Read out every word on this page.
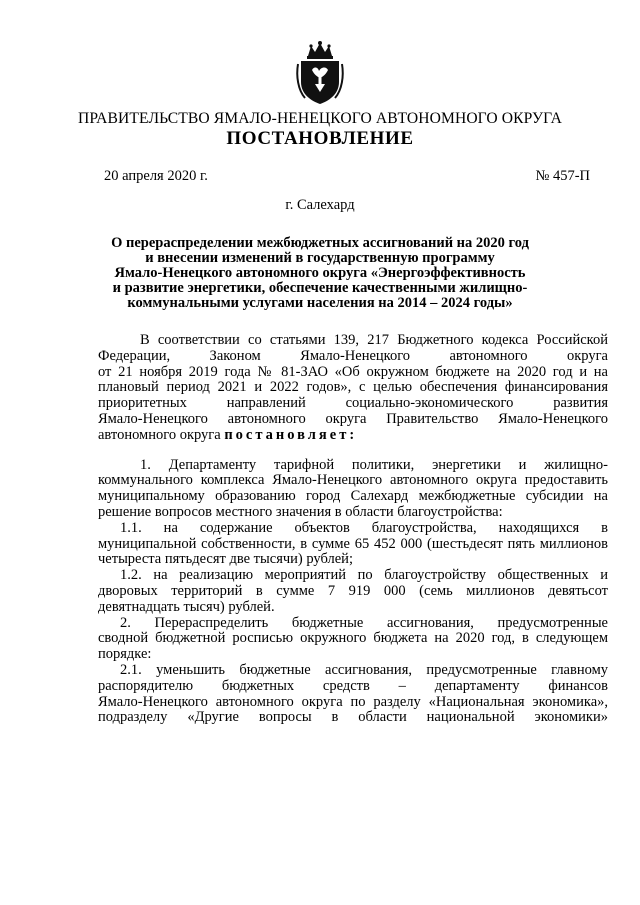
ПРАВИТЕЛЬСТВО ЯМАЛО-НЕНЕЦКОГО АВТОНОМНОГО ОКРУГА
ПОСТАНОВЛЕНИЕ
20 апреля 2020 г.	№ 457-П
г. Салехард
О перераспределении межбюджетных ассигнований на 2020 год
и внесении изменений в государственную программу
Ямало-Ненецкого автономного округа «Энергоэффективность
и развитие энергетики, обеспечение качественными жилищно-
коммунальными услугами населения на 2014 – 2024 годы»
В соответствии со статьями 139, 217 Бюджетного кодекса Российской
Федерации, Законом Ямало-Ненецкого автономного округа
от 21 ноября 2019 года № 81-ЗАО «Об окружном бюджете на 2020 год и на
плановый период 2021 и 2022 годов», с целью обеспечения финансирования
приоритетных направлений социально-экономического развития
Ямало-Ненецкого автономного округа Правительство Ямало-Ненецкого
автономного округа постановляет:
1. Департаменту тарифной политики, энергетики и жилищно-
коммунального комплекса Ямало-Ненецкого автономного округа предоставить
муниципальному образованию город Салехард межбюджетные субсидии на
решение вопросов местного значения в области благоустройства:
1.1. на содержание объектов благоустройства, находящихся в
муниципальной собственности, в сумме 65 452 000 (шестьдесят пять миллионов
четыреста пятьдесят две тысячи) рублей;
1.2. на реализацию мероприятий по благоустройству общественных и
дворовых территорий в сумме 7 919 000 (семь миллионов девятьсот
девятнадцать тысяч) рублей.
2. Перераспределить бюджетные ассигнования, предусмотренные
сводной бюджетной росписью окружного бюджета на 2020 год, в следующем
порядке:
2.1. уменьшить бюджетные ассигнования, предусмотренные главному
распорядителю бюджетных средств – департаменту финансов
Ямало-Ненецкого автономного округа по разделу «Национальная экономика»,
подразделу «Другие вопросы в области национальной экономики»
